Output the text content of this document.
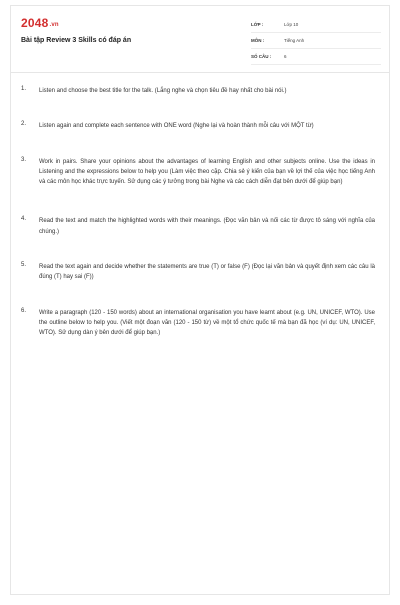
2048.vn
Bài tập Review 3 Skills có đáp án
LỚP :	Lớp 10
MÔN :	Tiếng Anh
SỐ CÂU :	6
1. Listen and choose the best title for the talk. (Lắng nghe và chọn tiêu đề hay nhất cho bài nói.)
2. Listen again and complete each sentence with ONE word (Nghe lại và hoàn thành mỗi câu với MỘT từ)
3. Work in pairs. Share your opinions about the advantages of learning English and other subjects online. Use the ideas in Listening and the expressions below to help you (Làm việc theo cặp. Chia sẻ ý kiến của bạn về lợi thế của việc học tiếng Anh và các môn học khác trực tuyến. Sử dụng các ý tưởng trong bài Nghe và các cách diễn đạt bên dưới để giúp bạn)
4. Read the text and match the highlighted words with their meanings. (Đọc văn bản và nối các từ được tô sáng với nghĩa của chúng.)
5. Read the text again and decide whether the statements are true (T) or false (F) (Đọc lại văn bản và quyết định xem các câu là đúng (T) hay sai (F))
6. Write a paragraph (120 - 150 words) about an international organisation you have learnt about (e.g. UN, UNICEF, WTO). Use the outline below to help you. (Viết một đoạn văn (120 - 150 từ) về một tổ chức quốc tế mà bạn đã học (ví dụ: UN, UNICEF, WTO). Sử dụng dàn ý bên dưới để giúp bạn.)
